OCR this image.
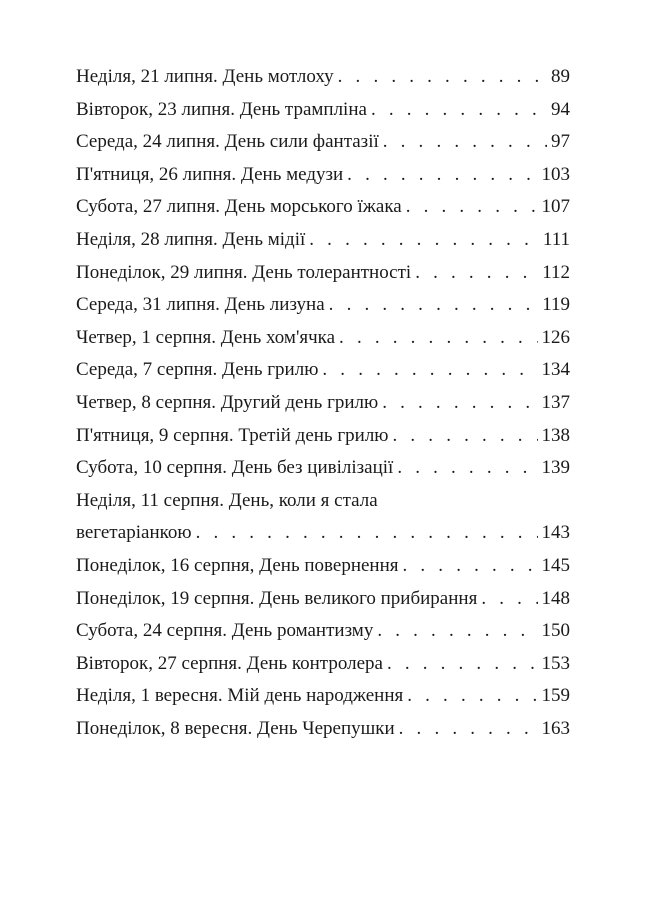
Неділя, 21 липня. День мотлоху . . .	89
Вівторок, 23 липня. День трампліна . . .	94
Середа, 24 липня. День сили фантазії . . .	97
П'ятниця, 26 липня. День медузи . . .	103
Субота, 27 липня. День морського їжака . . .	107
Неділя, 28 липня. День мідії . . .	111
Понеділок, 29 липня. День толерантності . . .	112
Середа, 31 липня. День лизуна . . .	119
Четвер, 1 серпня. День хом'ячка . . .	126
Середа, 7 серпня. День грилю . . .	134
Четвер, 8 серпня. Другий день грилю . . .	137
П'ятниця, 9 серпня. Третій день грилю . . .	138
Субота, 10 серпня. День без цивілізації . . .	139
Неділя, 11 серпня. День, коли я стала
вегетаріанкою . . .	143
Понеділок, 16 серпня, День повернення . . .	145
Понеділок, 19 серпня. День великого прибирання . . .	148
Субота, 24 серпня. День романтизму . . .	150
Вівторок, 27 серпня. День контролера . . .	153
Неділя, 1 вересня. Мій день народження . . .	159
Понеділок, 8 вересня. День Черепушки . . .	163
